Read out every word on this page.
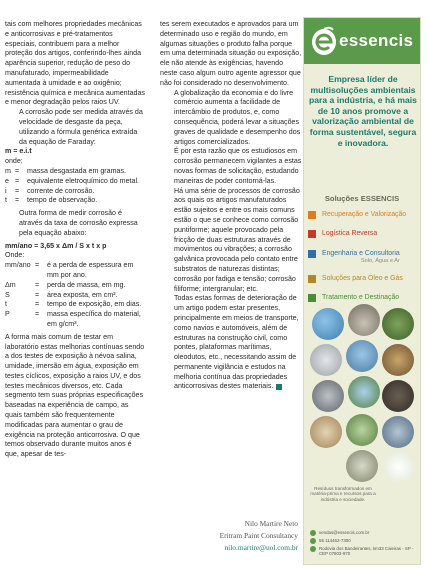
tais com melhores propriedades mecânicas e anticorrosivas e pré-tratamentos especiais, contribuem para a melhor proteção dos artigos, conferindo-lhes ainda aparência superior, redução de peso do manufaturado, impermeabilidade aumentada à umidade e ao oxigênio; resistência química e mecânica aumentadas e menor degradação pelos raios UV.

A corrosão pode ser medida através da velocidade de desgaste da peça, utilizando a fórmula genérica extraída da equação de Faraday:

m = e.i.t

onde:

m =	massa desgastada em gramas.
e =	equivalente eletroquímico do metal.
i	=	corrente de corrosão.
t	=	tempo de observação.

Outra forma de medir corrosão é através da taxa de corrosão expressa pela equação abaixo:

mm/ano = 3,65 x Δm / S x t x p

Onde:

mm/ano =	é a perda de espessura em mm por ano.
Δm	=	perda de massa, em mg.
S	=	área exposta, em cm².
t	=	tempo de exposição, em dias.
P	=	massa específica do material, em g/cm³.

A forma mais comum de testar em laboratório estas melhorias contínuas sendo a dos testes de exposição à névoa salina, umidade, imersão em água, exposição em testes cíclicos, exposição a raios UV, e dos testes mecânicos diversos, etc. Cada segmento tem suas próprias especificações baseadas na experiência de campo, as quais também são frequentemente modificadas para aumentar o grau de exigência na proteção anticorrosiva. O que temos observado durante muitos anos é que, apesar de tes-

tes serem executados e aprovados para um determinado uso e região do mundo, em algumas situações o produto falha porque em uma determinada situação ou exposição, ele não atende às exigências, havendo neste caso algum outro agente agressor que não foi considerado no desenvolvimento.

A globalização da economia e do livre comércio aumenta a facilidade de intercâmbio de produtos, e, como consequência, poderá levar a situações graves de qualidade e desempenho dos artigos comercializados.

É por esta razão que os estudiosos em corrosão permanecem vigilantes a estas novas formas de solicitação, estudando maneiras de poder contorná-las.

Há uma série de processos de corrosão aos quais os artigos manufaturados estão sujeitos e entre os mais comuns estão o que se conhece como corrosão puntiforme; aquele provocado pela fricção de duas estruturas através de movimentos ou vibrações; a corrosão galvânica provocada pelo contato entre substratos de naturezas distintas; corrosão por fadiga e tensão; corrosão filiforme; intergranular; etc.

Todas estas formas de deterioração de um artigo podem estar presentes, principalmente em meios de transporte, como navios e automóveis, além de estruturas na construção civil, como pontes, plataformas marítimas, oleodutos, etc., necessitando assim de permanente vigilância e estudos na melhoria contínua das propriedades anticorrosivas destes materiais.

Nilo Martire Neto
Eritram Paint Consultancy
nilo.martire@uol.com.br
essencis
Empresa líder de multisoluções ambientais para a indústria, e há mais de 10 anos promove a valorização ambiental de forma sustentável, segura e inovadora.
Soluções ESSENCIS
Recuperação e Valorização
Logística Reversa
Engenharia e Consultoria
Solo, Água e Ar
Soluções para Óleo e Gás
Tratamento e Destinação
Resíduos transformados em matéria-prima e recursos para a indústria e sociedade.
vendas@essencis.com.br
55 114462-7300
Rodovia dos Bandeirantes, km33 Caieiras - SP - CEP 07803-970
